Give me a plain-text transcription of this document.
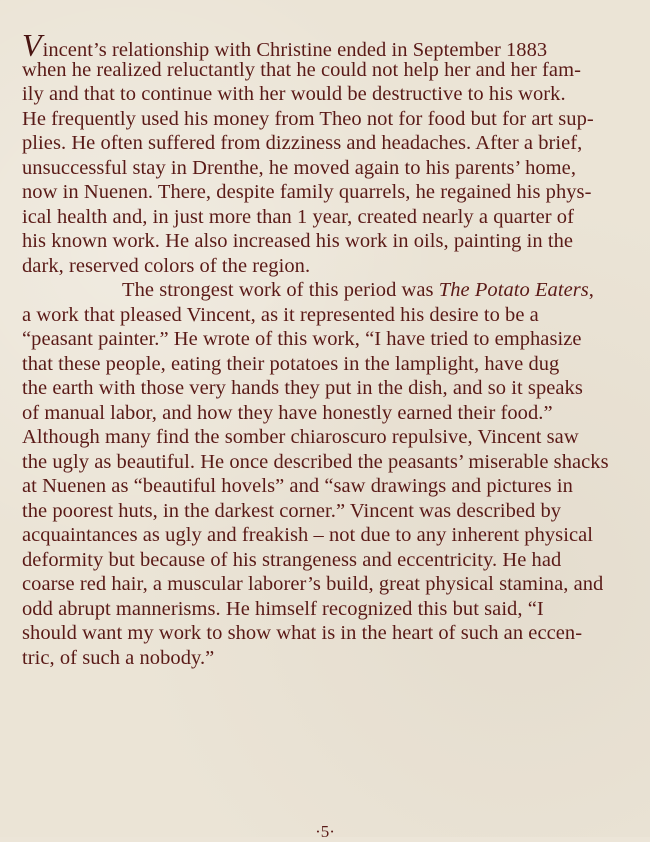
Vincent’s relationship with Christine ended in September 1883
when he realized reluctantly that he could not help her and her fam-
ily and that to continue with her would be destructive to his work.
He frequently used his money from Theo not for food but for art sup-
plies. He often suffered from dizziness and headaches. After a brief,
unsuccessful stay in Drenthe, he moved again to his parents’ home,
now in Nuenen. There, despite family quarrels, he regained his phys-
ical health and, in just more than 1 year, created nearly a quarter of
his known work. He also increased his work in oils, painting in the
dark, reserved colors of the region.
The strongest work of this period was The Potato Eaters,
a work that pleased Vincent, as it represented his desire to be a
“peasant painter.” He wrote of this work, “I have tried to emphasize
that these people, eating their potatoes in the lamplight, have dug
the earth with those very hands they put in the dish, and so it speaks
of manual labor, and how they have honestly earned their food.”
Although many find the somber chiaroscuro repulsive, Vincent saw
the ugly as beautiful. He once described the peasants’ miserable shacks
at Nuenen as “beautiful hovels” and “saw drawings and pictures in
the poorest huts, in the darkest corner.” Vincent was described by
acquaintances as ugly and freakish – not due to any inherent physical
deformity but because of his strangeness and eccentricity. He had
coarse red hair, a muscular laborer’s build, great physical stamina, and
odd abrupt mannerisms. He himself recognized this but said, “I
should want my work to show what is in the heart of such an eccen-
tric, of such a nobody.”
·5·
